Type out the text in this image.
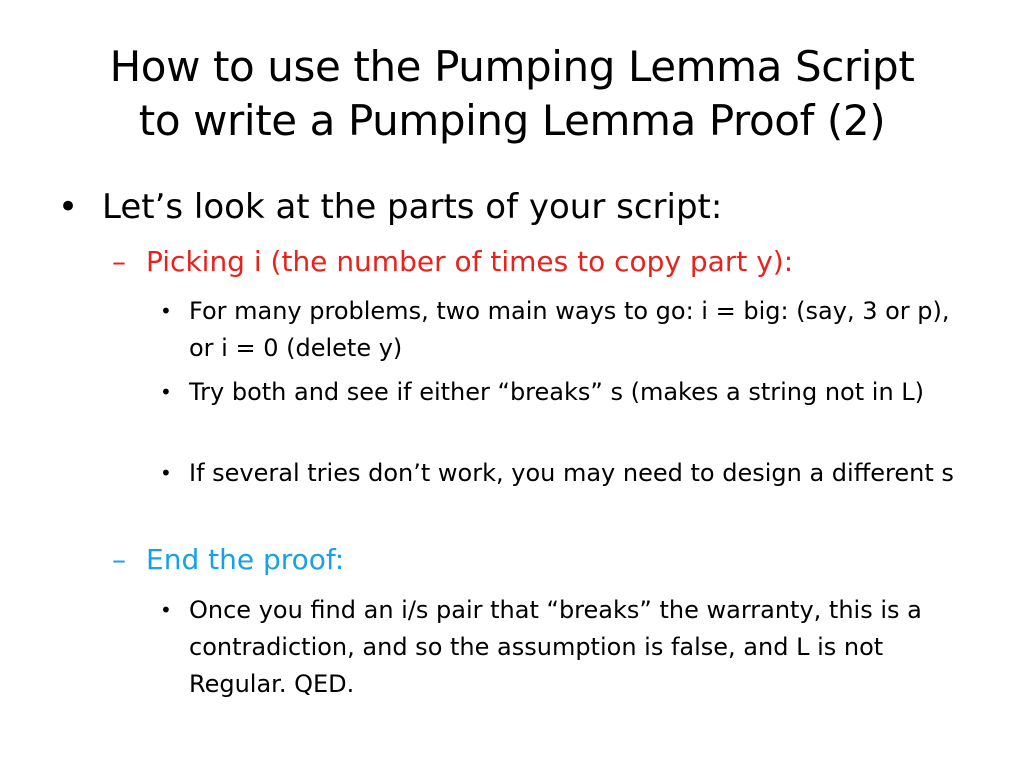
How to use the Pumping Lemma Script
to write a Pumping Lemma Proof (2)
• Let’s look at the parts of your script:
– Picking i (the number of times to copy part y):
• For many problems, two main ways to go: i = big: (say, 3 or p), or i = 0 (delete y)
• Try both and see if either “breaks” s (makes a string not in L)
• If several tries don’t work, you may need to design a different s
– End the proof:
• Once you find an i/s pair that “breaks” the warranty, this is a contradiction, and so the assumption is false, and L is not Regular. QED.
